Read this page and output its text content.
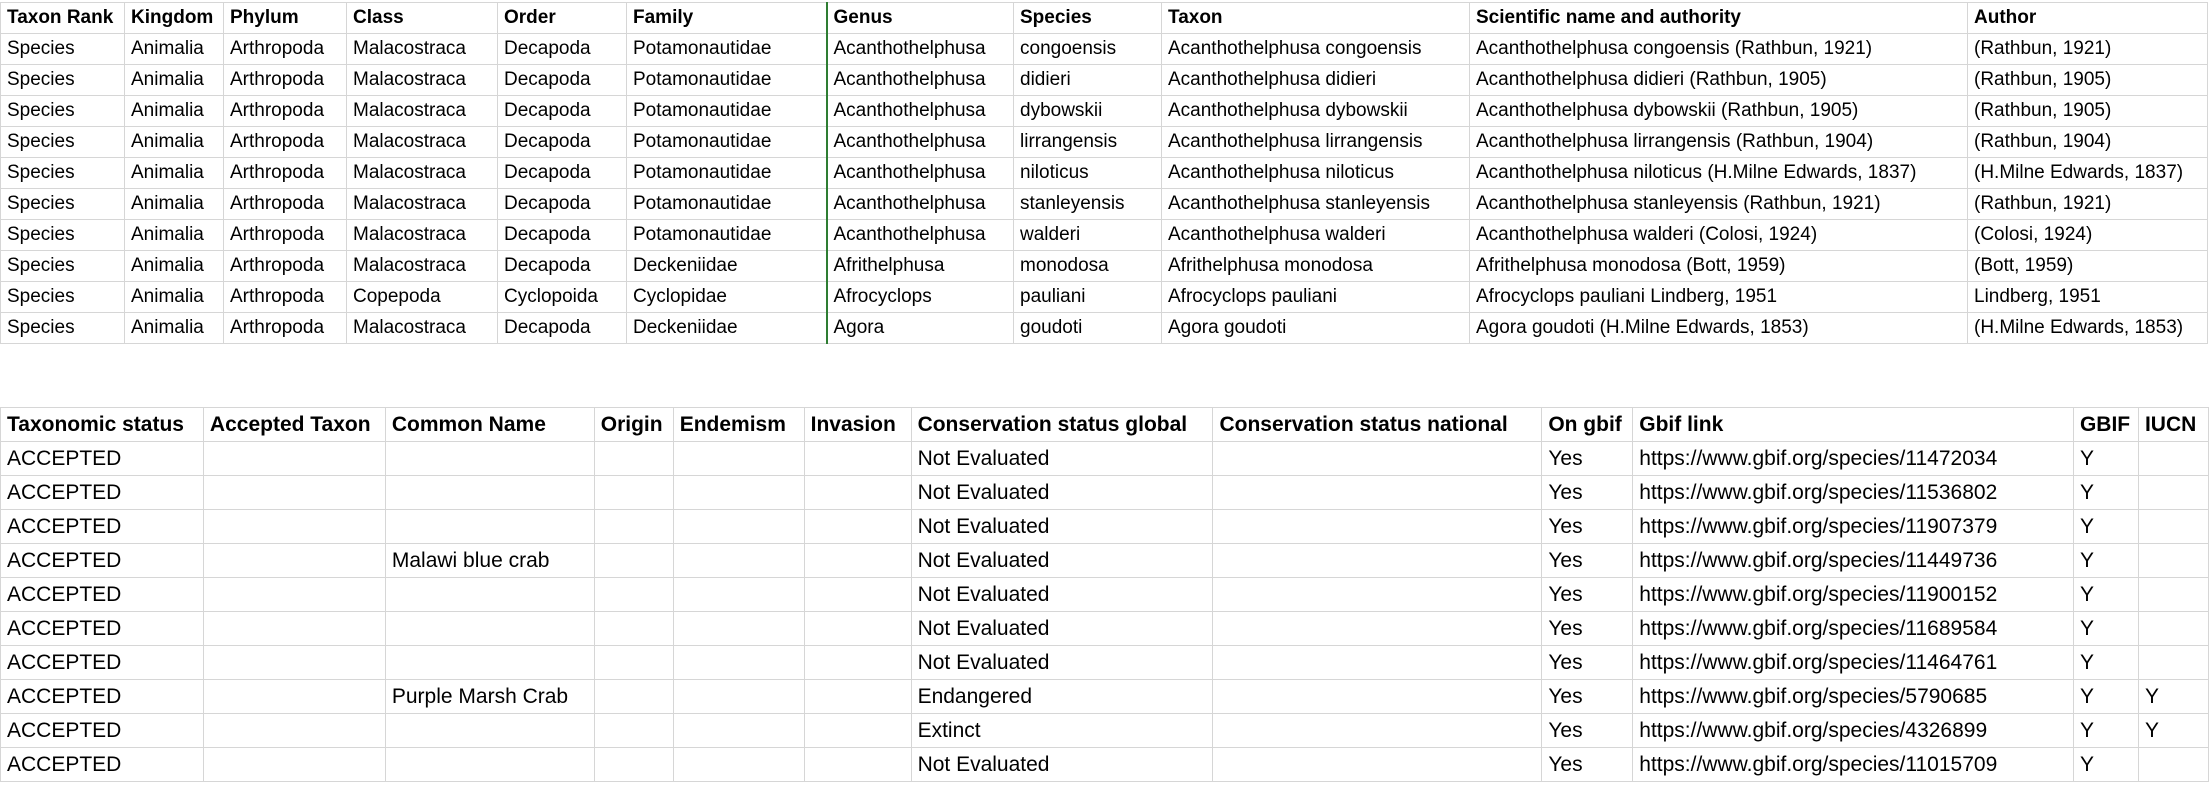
Taxon Rank	Kingdom	Phylum	Class	Order	Family	Genus	Species	Taxon	Scientific name and authority	Author
Species	Animalia	Arthropoda	Malacostraca	Decapoda	Potamonautidae	Acanthothelphusa	congoensis	Acanthothelphusa congoensis	Acanthothelphusa congoensis (Rathbun, 1921)	(Rathbun, 1921)
Species	Animalia	Arthropoda	Malacostraca	Decapoda	Potamonautidae	Acanthothelphusa	didieri	Acanthothelphusa didieri	Acanthothelphusa didieri (Rathbun, 1905)	(Rathbun, 1905)
Species	Animalia	Arthropoda	Malacostraca	Decapoda	Potamonautidae	Acanthothelphusa	dybowskii	Acanthothelphusa dybowskii	Acanthothelphusa dybowskii (Rathbun, 1905)	(Rathbun, 1905)
Species	Animalia	Arthropoda	Malacostraca	Decapoda	Potamonautidae	Acanthothelphusa	lirrangensis	Acanthothelphusa lirrangensis	Acanthothelphusa lirrangensis (Rathbun, 1904)	(Rathbun, 1904)
Species	Animalia	Arthropoda	Malacostraca	Decapoda	Potamonautidae	Acanthothelphusa	niloticus	Acanthothelphusa niloticus	Acanthothelphusa niloticus (H.Milne Edwards, 1837)	(H.Milne Edwards, 1837)
Species	Animalia	Arthropoda	Malacostraca	Decapoda	Potamonautidae	Acanthothelphusa	stanleyensis	Acanthothelphusa stanleyensis	Acanthothelphusa stanleyensis (Rathbun, 1921)	(Rathbun, 1921)
Species	Animalia	Arthropoda	Malacostraca	Decapoda	Potamonautidae	Acanthothelphusa	walderi	Acanthothelphusa walderi	Acanthothelphusa walderi (Colosi, 1924)	(Colosi, 1924)
Species	Animalia	Arthropoda	Malacostraca	Decapoda	Deckeniidae	Afrithelphusa	monodosa	Afrithelphusa monodosa	Afrithelphusa monodosa (Bott, 1959)	(Bott, 1959)
Species	Animalia	Arthropoda	Copepoda	Cyclopoida	Cyclopidae	Afrocyclops	pauliani	Afrocyclops pauliani	Afrocyclops pauliani Lindberg, 1951	Lindberg, 1951
Species	Animalia	Arthropoda	Malacostraca	Decapoda	Deckeniidae	Agora	goudoti	Agora goudoti	Agora goudoti (H.Milne Edwards, 1853)	(H.Milne Edwards, 1853)
Taxonomic status	Accepted Taxon	Common Name	Origin	Endemism	Invasion	Conservation status global	Conservation status national	On gbif	Gbif link	GBIF	IUCN
ACCEPTED						Not Evaluated		Yes	https://www.gbif.org/species/11472034	Y	
ACCEPTED						Not Evaluated		Yes	https://www.gbif.org/species/11536802	Y	
ACCEPTED						Not Evaluated		Yes	https://www.gbif.org/species/11907379	Y	
ACCEPTED		Malawi blue crab				Not Evaluated		Yes	https://www.gbif.org/species/11449736	Y	
ACCEPTED						Not Evaluated		Yes	https://www.gbif.org/species/11900152	Y	
ACCEPTED						Not Evaluated		Yes	https://www.gbif.org/species/11689584	Y	
ACCEPTED						Not Evaluated		Yes	https://www.gbif.org/species/11464761	Y	
ACCEPTED		Purple Marsh Crab				Endangered		Yes	https://www.gbif.org/species/5790685	Y	Y
ACCEPTED						Extinct		Yes	https://www.gbif.org/species/4326899	Y	Y
ACCEPTED						Not Evaluated		Yes	https://www.gbif.org/species/11015709	Y	
